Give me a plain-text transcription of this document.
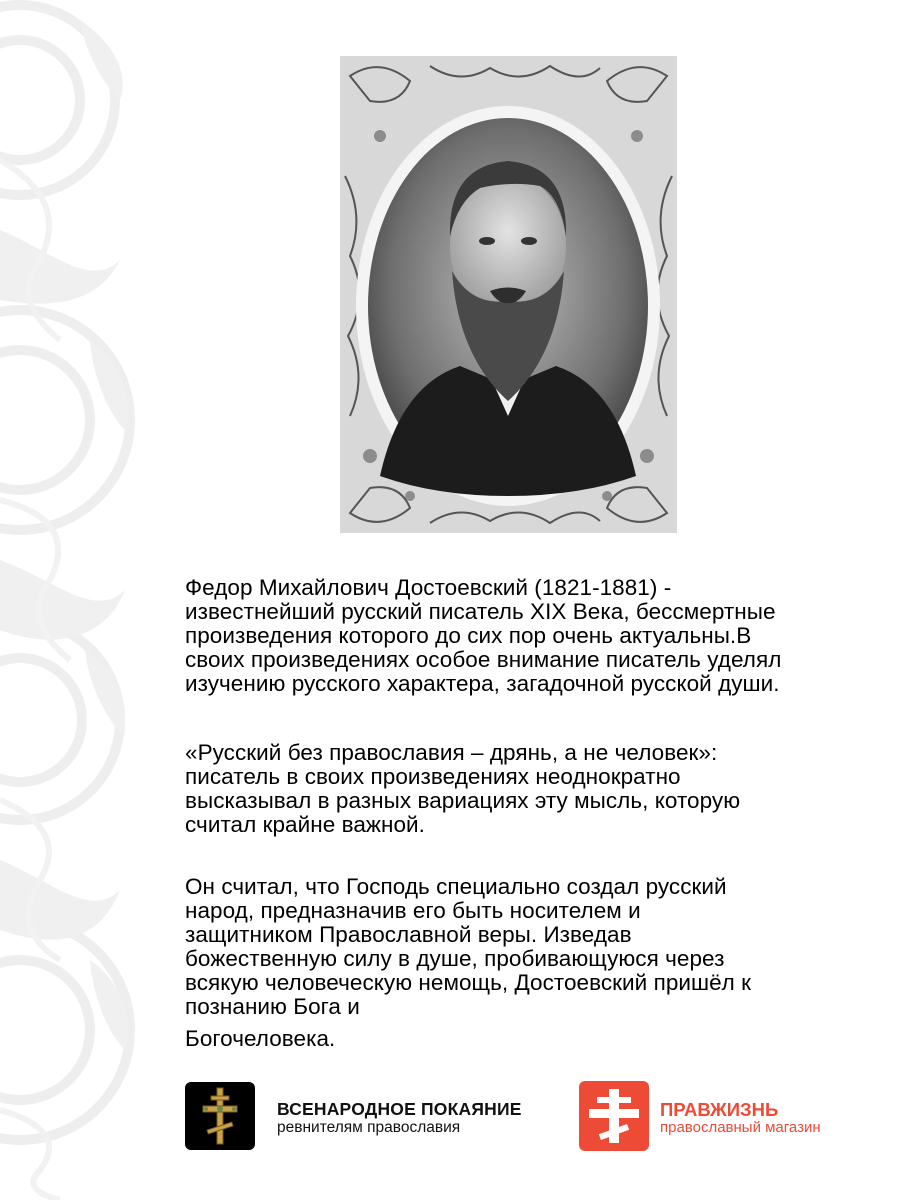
Федор Михайлович Достоевский (1821-1881) -
известнейший русский писатель XIX Века, бессмертные
произведения которого до сих пор очень актуальны.В
своих произведениях особое внимание писатель уделял
изучению русского характера, загадочной русской души.

«Русский без православия – дрянь, а не человек»:
писатель в своих произведениях неоднократно
высказывал в разных вариациях эту мысль, которую
считал крайне важной.

Он считал, что Господь специально создал русский
народ, предназначив его быть носителем и
защитником Православной веры. Изведав
божественную силу в душе, пробивающуюся через
всякую человеческую немощь, Достоевский пришёл к
познанию Бога и

Богочеловека.

ВСЕНАРОДНОЕ ПОКАЯНИЕ
ревнителям православия
ПРАВЖИЗНЬ
православный магазин
